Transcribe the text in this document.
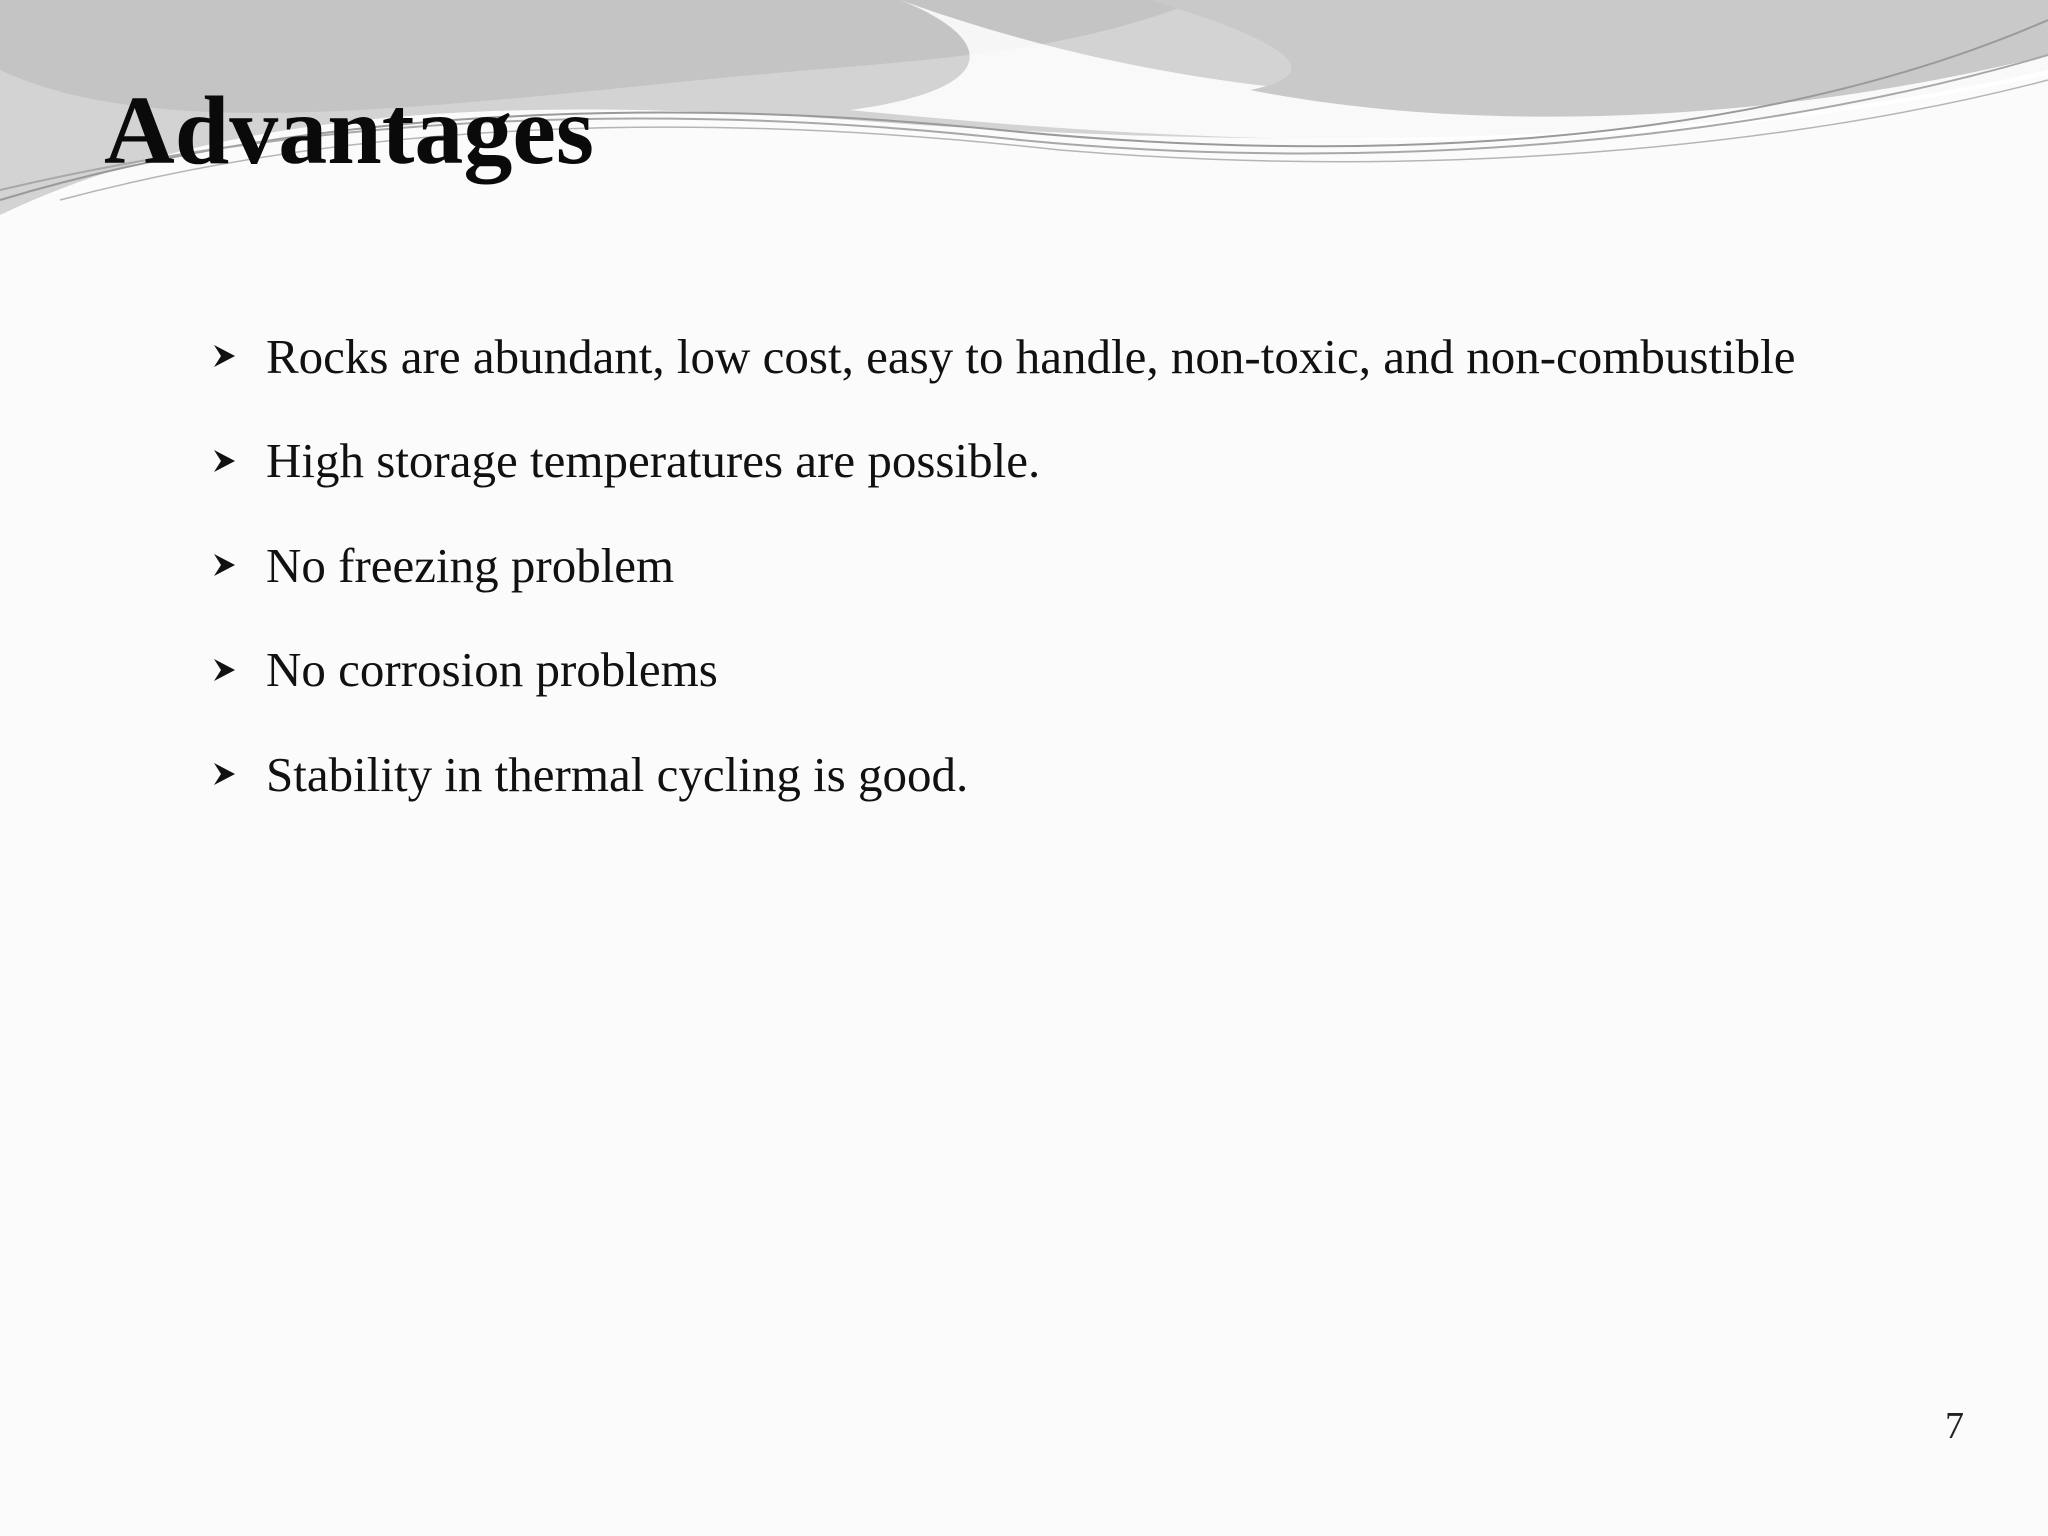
Advantages
Rocks are abundant, low cost, easy to handle, non-toxic, and non-combustible
High storage temperatures are possible.
No freezing problem
No corrosion problems
Stability in thermal cycling is good.
7
